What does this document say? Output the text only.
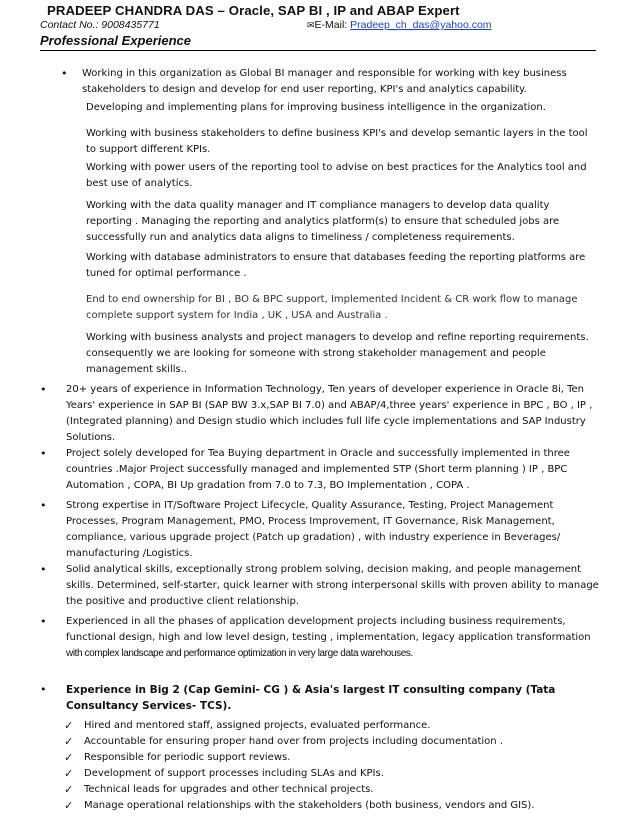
PRADEEP CHANDRA DAS – Oracle, SAP BI , IP and ABAP Expert
Contact No.: 9008435771	✉E-Mail: Pradeep_ch_das@yahoo.com
Professional Experience
• Working in this organization as Global BI manager and responsible for working with key business stakeholders to design and develop for end user reporting, KPI's and analytics capability.
Developing and implementing plans for improving business intelligence in the organization.
Working with business stakeholders to define business KPI's and develop semantic layers in the tool to support different KPIs.
Working with power users of the reporting tool to advise on best practices for the Analytics tool and best use of analytics.
Working with the data quality manager and IT compliance managers to develop data quality reporting . Managing the reporting and analytics platform(s) to ensure that scheduled jobs are successfully run and analytics data aligns to timeliness / completeness requirements.
Working with database administrators to ensure that databases feeding the reporting platforms are tuned for optimal performance .
End to end ownership for BI , BO & BPC support, Implemented Incident & CR work flow to manage complete support system for India , UK , USA and Australia .
Working with business analysts and project managers to develop and refine reporting requirements. consequently we are looking for someone with strong stakeholder management and people management skills..
• 20+ years of experience in Information Technology, Ten years of developer experience in Oracle 8i, Ten Years' experience in SAP BI (SAP BW 3.x,SAP BI 7.0) and ABAP/4,three years' experience in BPC , BO , IP , (Integrated planning) and Design studio which includes full life cycle implementations and SAP Industry Solutions.
• Project solely developed for Tea Buying department in Oracle and successfully implemented in three countries .Major Project successfully managed and implemented STP (Short term planning ) IP , BPC Automation , COPA, BI Up gradation from 7.0 to 7.3, BO Implementation , COPA .
• Strong expertise in IT/Software Project Lifecycle, Quality Assurance, Testing, Project Management Processes, Program Management, PMO, Process Improvement, IT Governance, Risk Management, compliance, various upgrade project (Patch up gradation) , with industry experience in Beverages/ manufacturing /Logistics.
• Solid analytical skills, exceptionally strong problem solving, decision making, and people management skills. Determined, self-starter, quick learner with strong interpersonal skills with proven ability to manage the positive and productive client relationship.
• Experienced in all the phases of application development projects including business requirements, functional design, high and low level design, testing , implementation, legacy application transformation with complex landscape and performance optimization in very large data warehouses.
• Experience in Big 2 (Cap Gemini- CG ) & Asia's largest IT consulting company (Tata Consultancy Services- TCS).
✓ Hired and mentored staff, assigned projects, evaluated performance.
✓ Accountable for ensuring proper hand over from projects including documentation .
✓ Responsible for periodic support reviews.
✓ Development of support processes including SLAs and KPIs.
✓ Technical leads for upgrades and other technical projects.
✓ Manage operational relationships with the stakeholders (both business, vendors and GIS).
